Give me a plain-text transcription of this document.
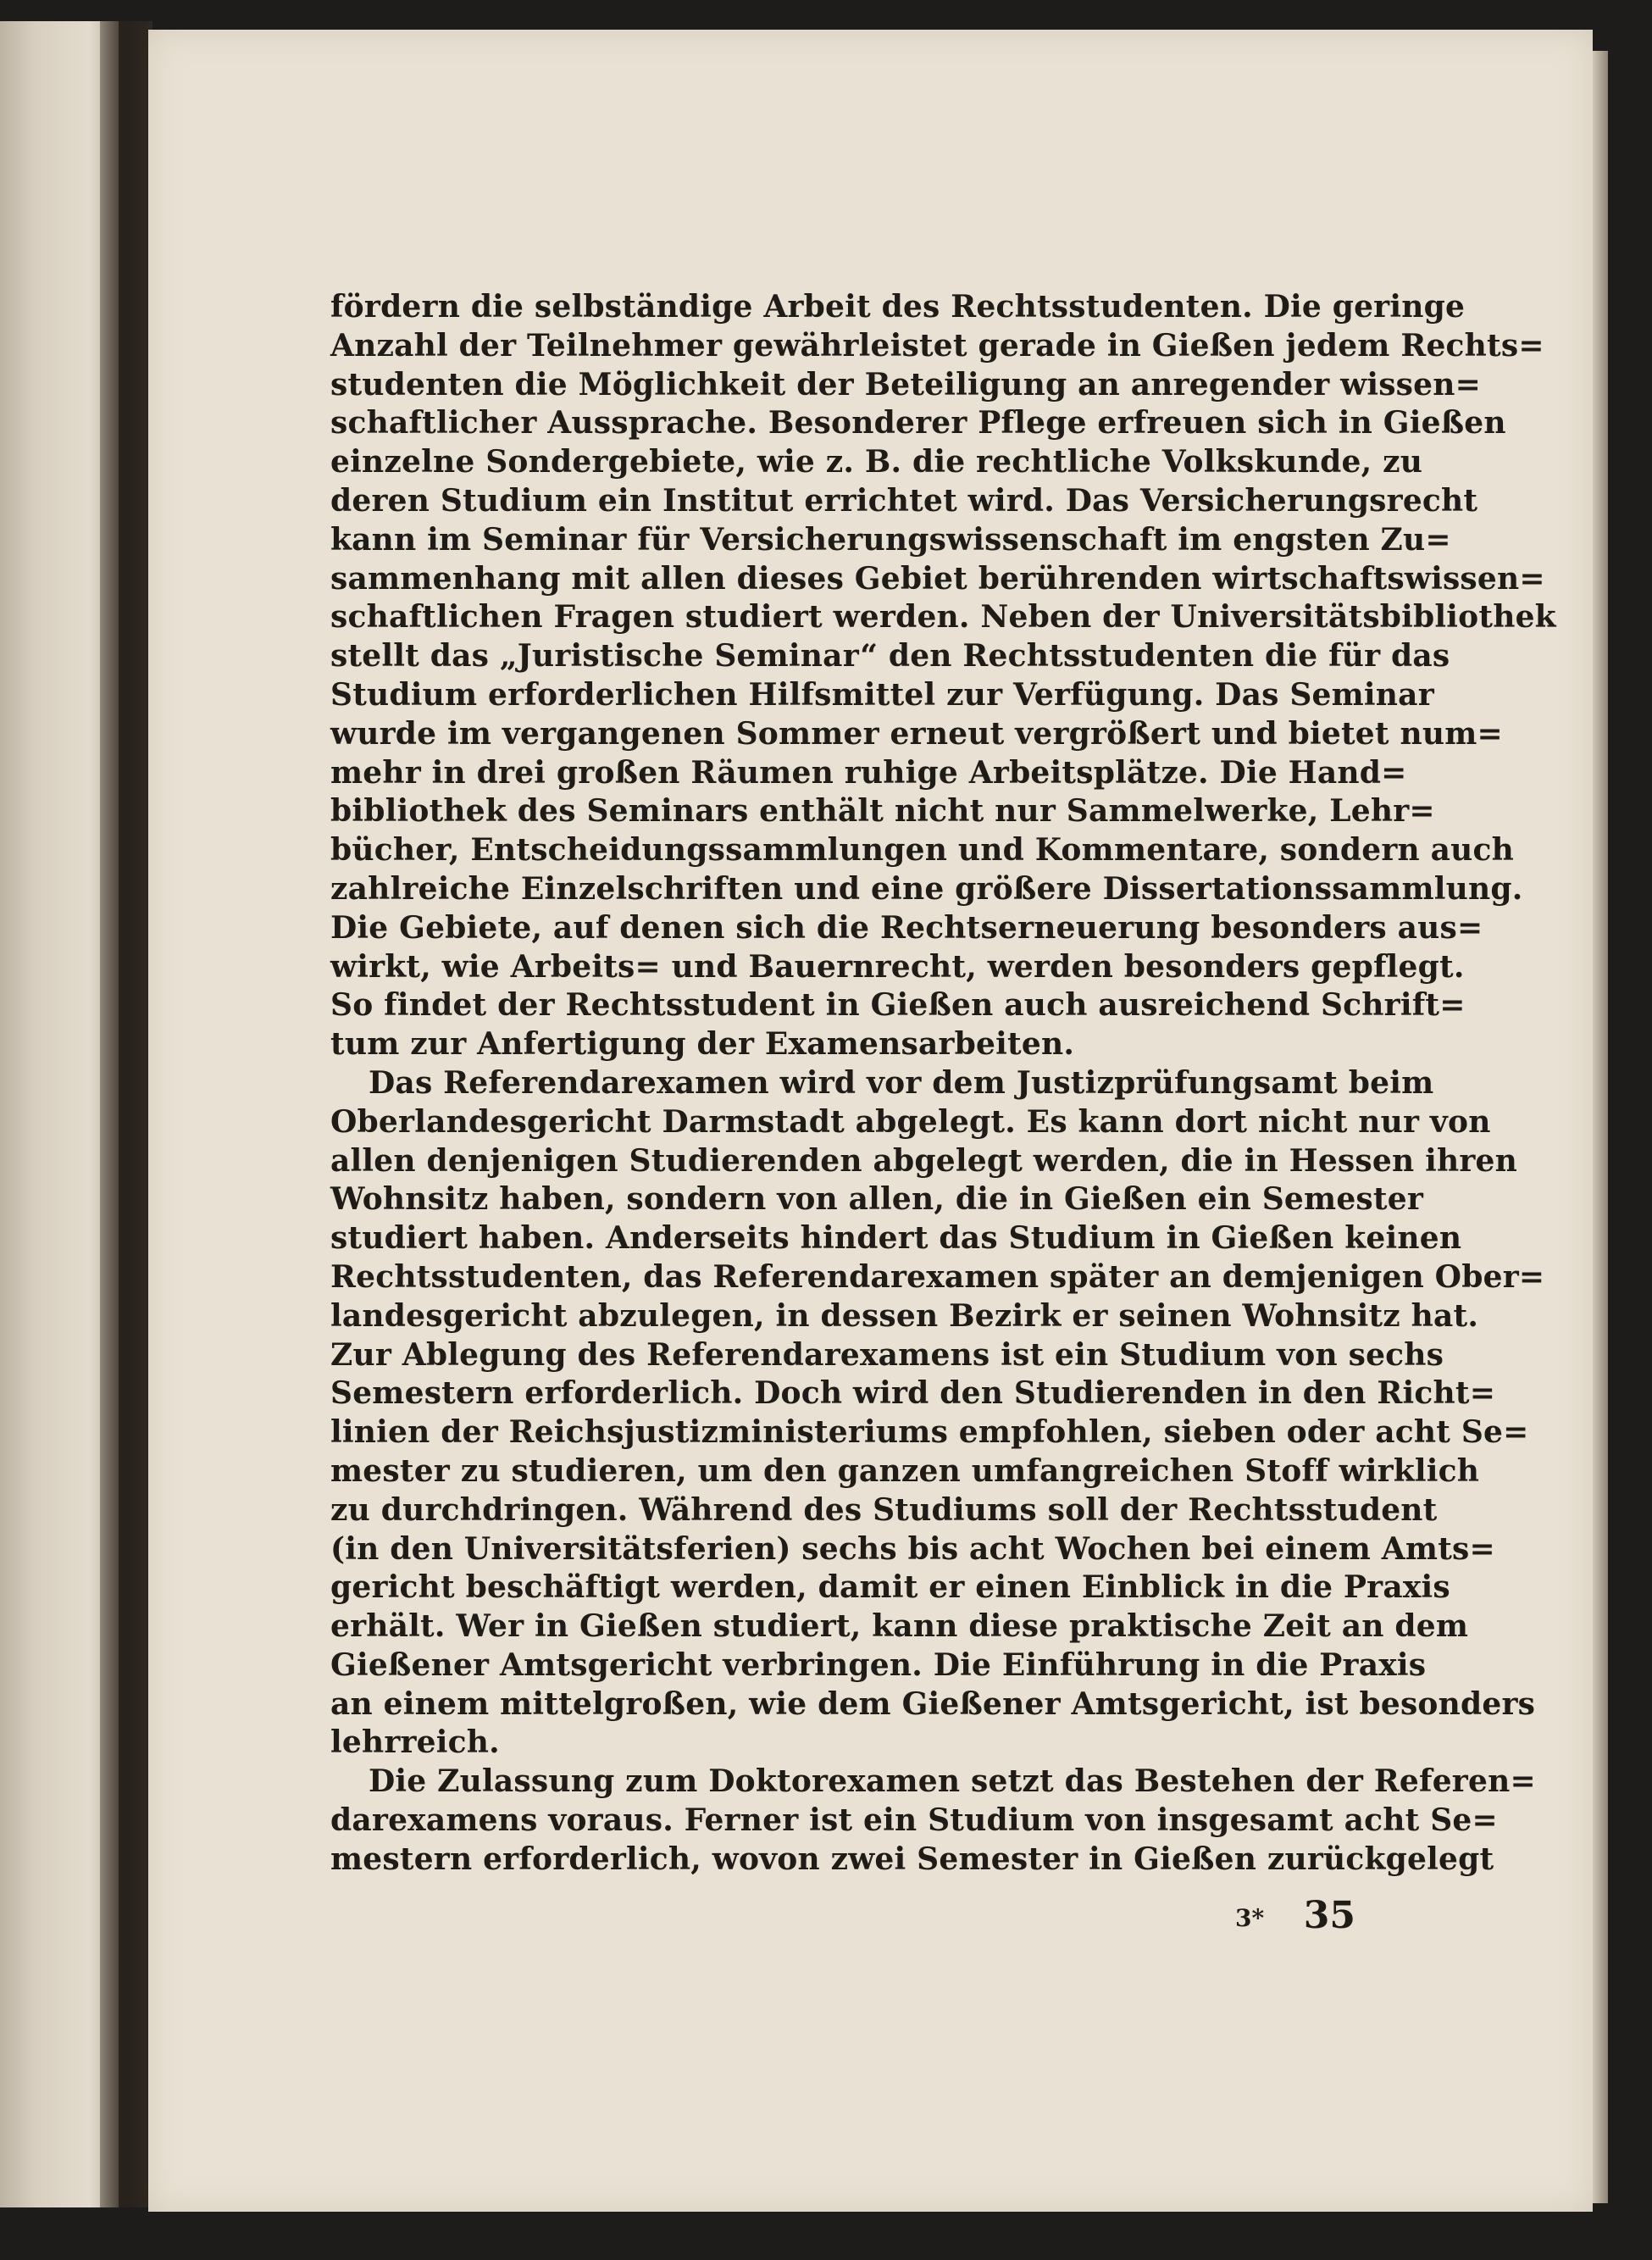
fördern die selbständige Arbeit des Rechtsstudenten. Die geringe
Anzahl der Teilnehmer gewährleistet gerade in Gießen jedem Rechts=
studenten die Möglichkeit der Beteiligung an anregender wissen=
schaftlicher Aussprache. Besonderer Pflege erfreuen sich in Gießen
einzelne Sondergebiete, wie z. B. die rechtliche Volkskunde, zu
deren Studium ein Institut errichtet wird. Das Versicherungsrecht
kann im Seminar für Versicherungswissenschaft im engsten Zu=
sammenhang mit allen dieses Gebiet berührenden wirtschaftswissen=
schaftlichen Fragen studiert werden. Neben der Universitätsbibliothek
stellt das „Juristische Seminar“ den Rechtsstudenten die für das
Studium erforderlichen Hilfsmittel zur Verfügung. Das Seminar
wurde im vergangenen Sommer erneut vergrößert und bietet num=
mehr in drei großen Räumen ruhige Arbeitsplätze. Die Hand=
bibliothek des Seminars enthält nicht nur Sammelwerke, Lehr=
bücher, Entscheidungssammlungen und Kommentare, sondern auch
zahlreiche Einzelschriften und eine größere Dissertationssammlung.
Die Gebiete, auf denen sich die Rechtserneuerung besonders aus=
wirkt, wie Arbeits= und Bauernrecht, werden besonders gepflegt.
So findet der Rechtsstudent in Gießen auch ausreichend Schrift=
tum zur Anfertigung der Examensarbeiten.
Das Referendarexamen wird vor dem Justizprüfungsamt beim
Oberlandesgericht Darmstadt abgelegt. Es kann dort nicht nur von
allen denjenigen Studierenden abgelegt werden, die in Hessen ihren
Wohnsitz haben, sondern von allen, die in Gießen ein Semester
studiert haben. Anderseits hindert das Studium in Gießen keinen
Rechtsstudenten, das Referendarexamen später an demjenigen Ober=
landesgericht abzulegen, in dessen Bezirk er seinen Wohnsitz hat.
Zur Ablegung des Referendarexamens ist ein Studium von sechs
Semestern erforderlich. Doch wird den Studierenden in den Richt=
linien der Reichsjustizministeriums empfohlen, sieben oder acht Se=
mester zu studieren, um den ganzen umfangreichen Stoff wirklich
zu durchdringen. Während des Studiums soll der Rechtsstudent
(in den Universitätsferien) sechs bis acht Wochen bei einem Amts=
gericht beschäftigt werden, damit er einen Einblick in die Praxis
erhält. Wer in Gießen studiert, kann diese praktische Zeit an dem
Gießener Amtsgericht verbringen. Die Einführung in die Praxis
an einem mittelgroßen, wie dem Gießener Amtsgericht, ist besonders
lehrreich.
Die Zulassung zum Doktorexamen setzt das Bestehen der Referen=
darexamens voraus. Ferner ist ein Studium von insgesamt acht Se=
mestern erforderlich, wovon zwei Semester in Gießen zurückgelegt
3* 35
